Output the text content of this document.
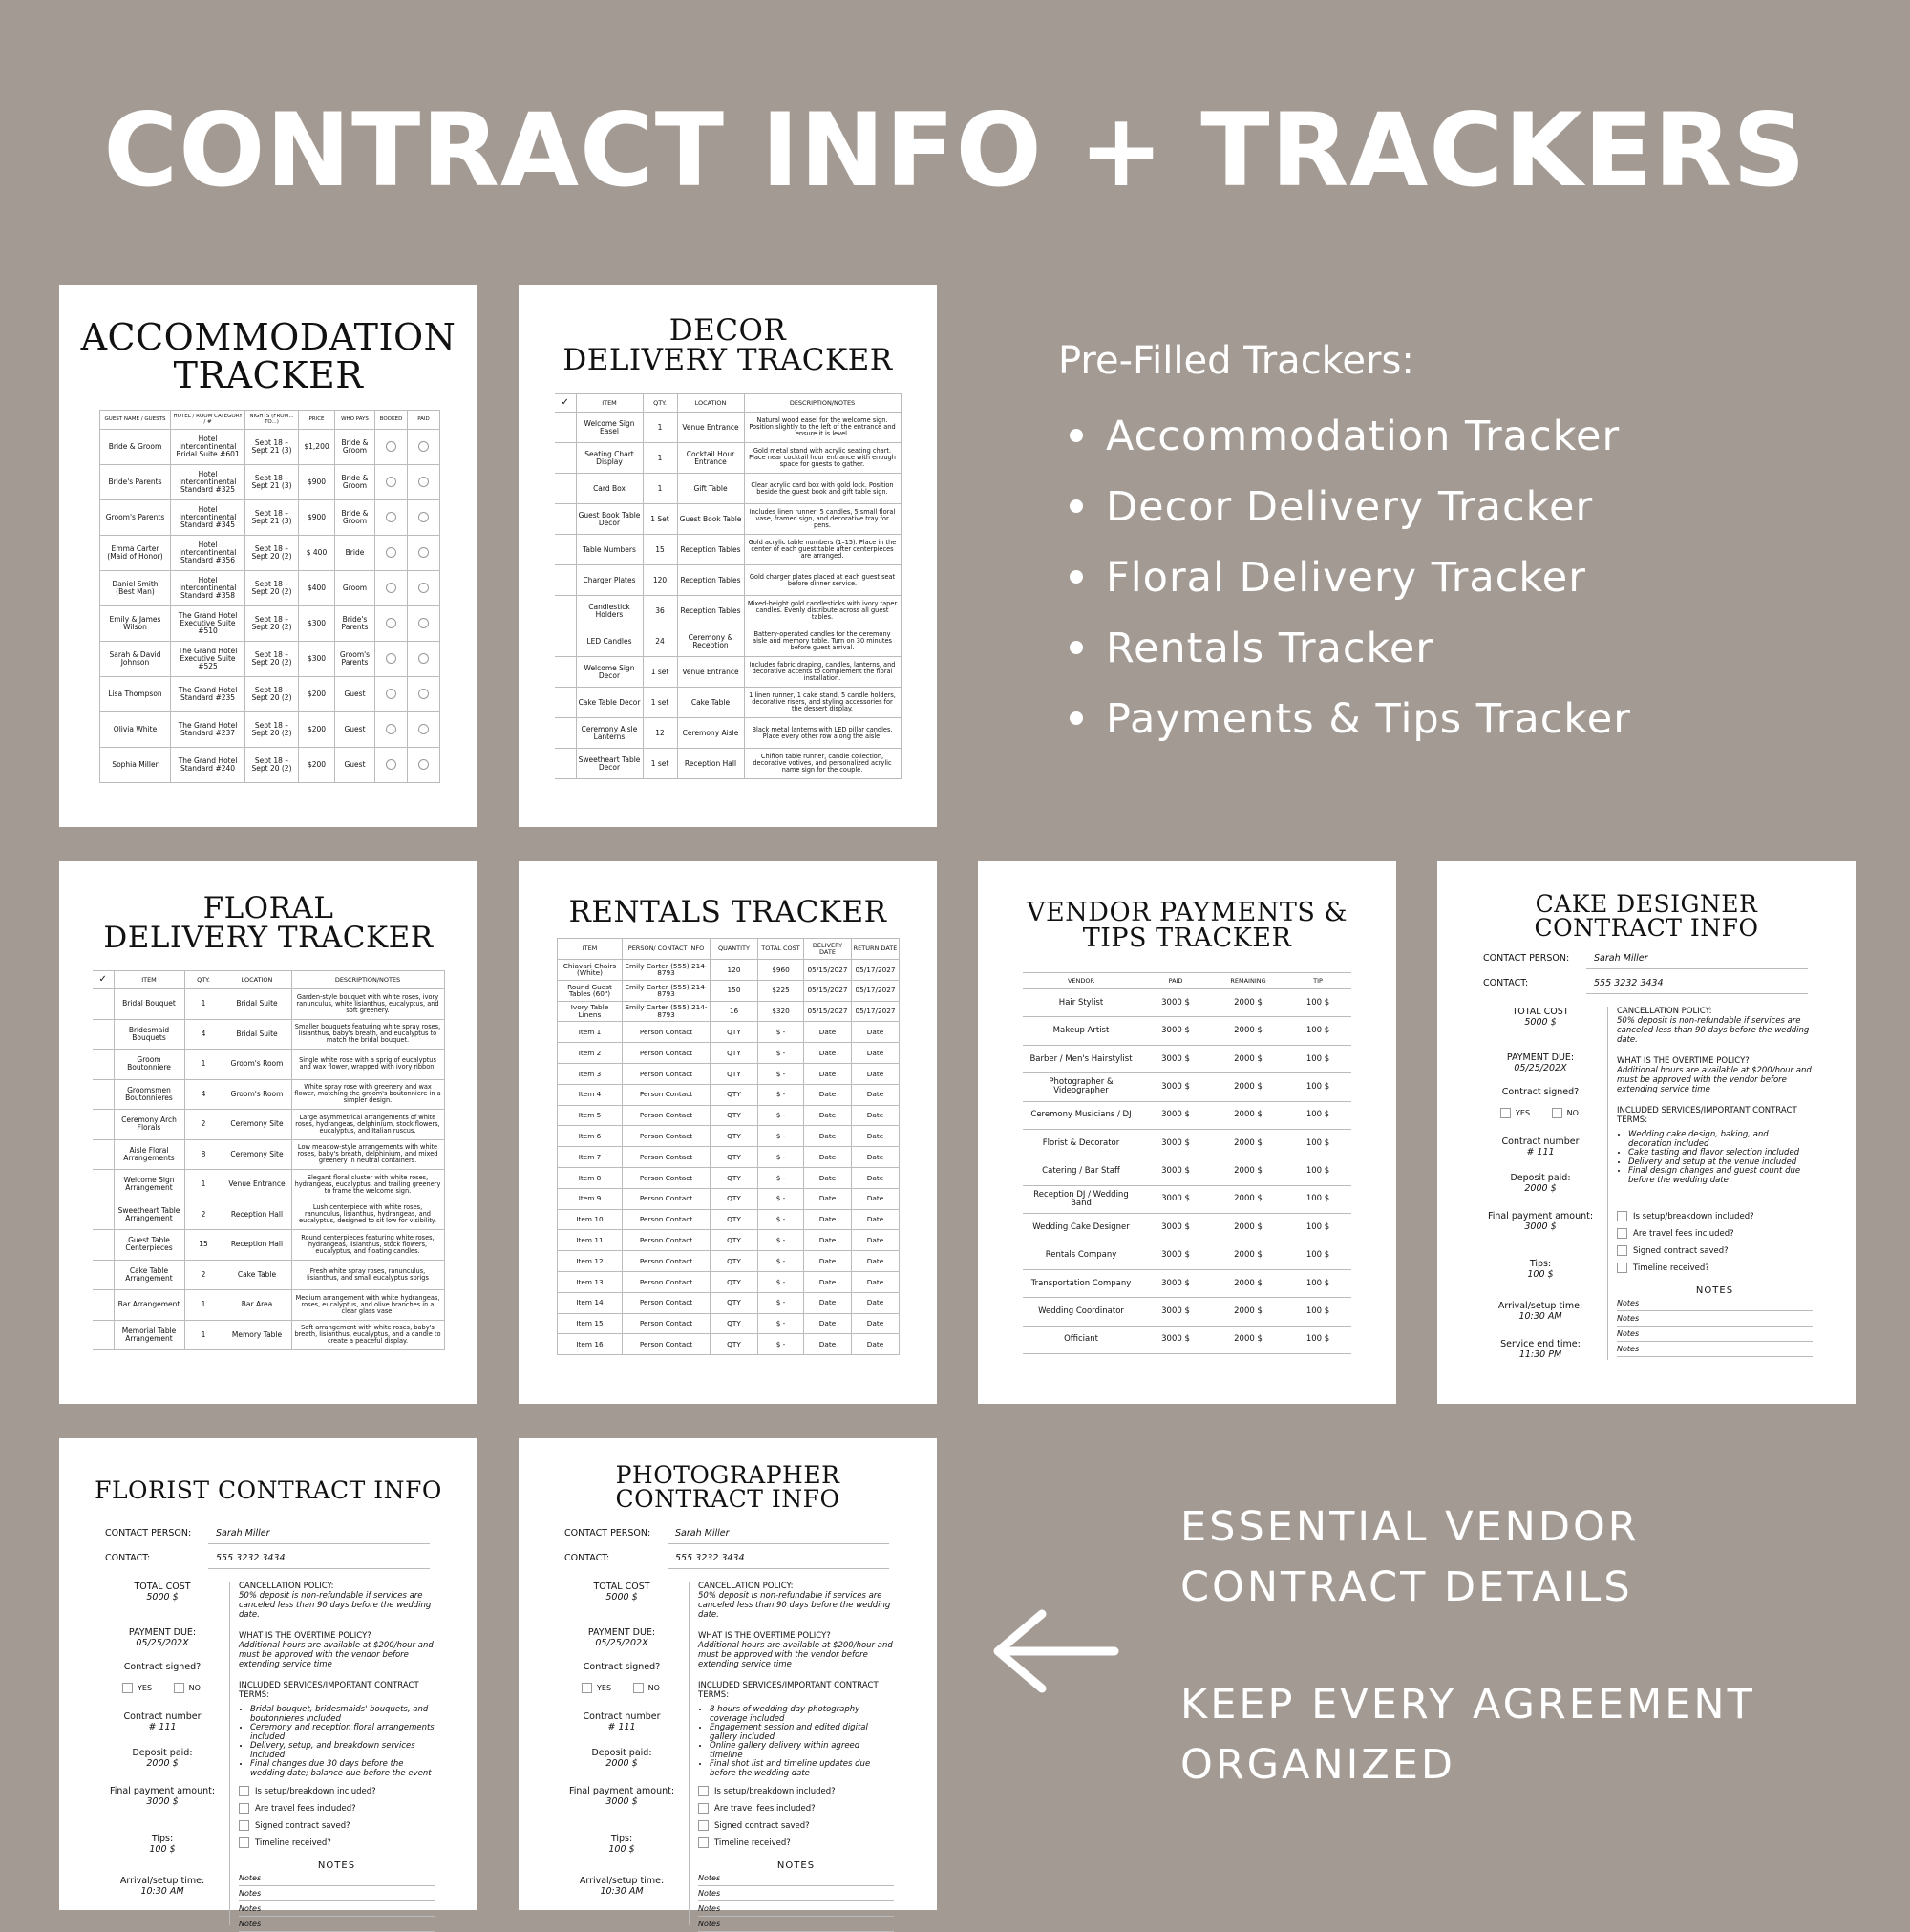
CONTRACT INFO + TRACKERS
ACCOMMODATION
TRACKER
GUEST NAME / GUESTS	HOTEL / ROOM CATEGORY / #	NIGHTS (FROM... TO...)	PRICE	WHO PAYS	BOOKED	PAID
Bride & Groom	Hotel Intercontinental Bridal Suite #601	Sept 18 – Sept 21 (3)	$1,200	Bride & Groom		
Bride's Parents	Hotel Intercontinental Standard #325	Sept 18 – Sept 21 (3)	$900	Bride & Groom		
Groom's Parents	Hotel Intercontinental Standard #345	Sept 18 – Sept 21 (3)	$900	Bride & Groom		
Emma Carter (Maid of Honor)	Hotel Intercontinental Standard #356	Sept 18 – Sept 20 (2)	$ 400	Bride		
Daniel Smith (Best Man)	Hotel Intercontinental Standard #358	Sept 18 – Sept 20 (2)	$400	Groom		
Emily & James Wilson	The Grand Hotel Executive Suite #510	Sept 18 – Sept 20 (2)	$300	Bride's Parents		
Sarah & David Johnson	The Grand Hotel Executive Suite #525	Sept 18 – Sept 20 (2)	$300	Groom's Parents		
Lisa Thompson	The Grand Hotel Standard #235	Sept 18 – Sept 20 (2)	$200	Guest		
Olivia White	The Grand Hotel Standard #237	Sept 18 – Sept 20 (2)	$200	Guest		
Sophia Miller	The Grand Hotel Standard #240	Sept 18 – Sept 20 (2)	$200	Guest		
DECOR
DELIVERY TRACKER
✓	ITEM	QTY.	LOCATION	DESCRIPTION/NOTES
	Welcome Sign Easel	1	Venue Entrance	Natural wood easel for the welcome sign. Position slightly to the left of the entrance and ensure it is level.
	Seating Chart Display	1	Cocktail Hour Entrance	Gold metal stand with acrylic seating chart. Place near cocktail hour entrance with enough space for guests to gather.
	Card Box	1	Gift Table	Clear acrylic card box with gold lock. Position beside the guest book and gift table sign.
	Guest Book Table Decor	1 Set	Guest Book Table	Includes linen runner, 5 candles, 5 small floral vase, framed sign, and decorative tray for pens.
	Table Numbers	15	Reception Tables	Gold acrylic table numbers (1–15). Place in the center of each guest table after centerpieces are arranged.
	Charger Plates	120	Reception Tables	Gold charger plates placed at each guest seat before dinner service.
	Candlestick Holders	36	Reception Tables	Mixed-height gold candlesticks with ivory taper candles. Evenly distribute across all guest tables.
	LED Candles	24	Ceremony & Reception	Battery-operated candles for the ceremony aisle and memory table. Turn on 30 minutes before guest arrival.
	Welcome Sign Decor	1 set	Venue Entrance	Includes fabric draping, candles, lanterns, and decorative accents to complement the floral installation.
	Cake Table Decor	1 set	Cake Table	1 linen runner, 1 cake stand, 5 candle holders, decorative risers, and styling accessories for the dessert display.
	Ceremony Aisle Lanterns	12	Ceremony Aisle	Black metal lanterns with LED pillar candles. Place every other row along the aisle.
	Sweetheart Table Decor	1 set	Reception Hall	Chiffon table runner, candle collection, decorative votives, and personalized acrylic name sign for the couple.
Pre-Filled Trackers:
Accommodation Tracker
Decor Delivery Tracker
Floral Delivery Tracker
Rentals Tracker
Payments & Tips Tracker
FLORAL
DELIVERY TRACKER
✓	ITEM	QTY.	LOCATION	DESCRIPTION/NOTES
	Bridal Bouquet	1	Bridal Suite	Garden-style bouquet with white roses, ivory ranunculus, white lisianthus, eucalyptus, and soft greenery.
	Bridesmaid Bouquets	4	Bridal Suite	Smaller bouquets featuring white spray roses, lisianthus, baby's breath, and eucalyptus to match the bridal bouquet.
	Groom Boutonniere	1	Groom's Room	Single white rose with a sprig of eucalyptus and wax flower, wrapped with ivory ribbon.
	Groomsmen Boutonnieres	4	Groom's Room	White spray rose with greenery and wax flower, matching the groom's boutonniere in a simpler design.
	Ceremony Arch Florals	2	Ceremony Site	Large asymmetrical arrangements of white roses, hydrangeas, delphinium, stock flowers, eucalyptus, and Italian ruscus.
	Aisle Floral Arrangements	8	Ceremony Site	Low meadow-style arrangements with white roses, baby's breath, delphinium, and mixed greenery in neutral containers.
	Welcome Sign Arrangement	1	Venue Entrance	Elegant floral cluster with white roses, hydrangeas, eucalyptus, and trailing greenery to frame the welcome sign.
	Sweetheart Table Arrangement	2	Reception Hall	Lush centerpiece with white roses, ranunculus, lisianthus, hydrangeas, and eucalyptus, designed to sit low for visibility.
	Guest Table Centerpieces	15	Reception Hall	Round centerpieces featuring white roses, hydrangeas, lisianthus, stock flowers, eucalyptus, and floating candles.
	Cake Table Arrangement	2	Cake Table	Fresh white spray roses, ranunculus, lisianthus, and small eucalyptus sprigs
	Bar Arrangement	1	Bar Area	Medium arrangement with white hydrangeas, roses, eucalyptus, and olive branches in a clear glass vase.
	Memorial Table Arrangement	1	Memory Table	Soft arrangement with white roses, baby's breath, lisianthus, eucalyptus, and a candle to create a peaceful display.
RENTALS TRACKER
ITEM	PERSON/ CONTACT INFO	QUANTITY	TOTAL COST	DELIVERY DATE	RETURN DATE
Chiavari Chairs (White)	Emily Carter (555) 214-8793	120	$960	05/15/2027	05/17/2027
Round Guest Tables (60")	Emily Carter (555) 214-8793	150	$225	05/15/2027	05/17/2027
Ivory Table Linens	Emily Carter (555) 214-8793	16	$320	05/15/2027	05/17/2027
Item 1	Person Contact	QTY	$ -	Date	Date
Item 2	Person Contact	QTY	$ -	Date	Date
Item 3	Person Contact	QTY	$ -	Date	Date
Item 4	Person Contact	QTY	$ -	Date	Date
Item 5	Person Contact	QTY	$ -	Date	Date
Item 6	Person Contact	QTY	$ -	Date	Date
Item 7	Person Contact	QTY	$ -	Date	Date
Item 8	Person Contact	QTY	$ -	Date	Date
Item 9	Person Contact	QTY	$ -	Date	Date
Item 10	Person Contact	QTY	$ -	Date	Date
Item 11	Person Contact	QTY	$ -	Date	Date
Item 12	Person Contact	QTY	$ -	Date	Date
Item 13	Person Contact	QTY	$ -	Date	Date
Item 14	Person Contact	QTY	$ -	Date	Date
Item 15	Person Contact	QTY	$ -	Date	Date
Item 16	Person Contact	QTY	$ -	Date	Date
VENDOR PAYMENTS &
TIPS TRACKER
VENDOR	PAID	REMAINING	TIP
Hair Stylist	3000 $	2000 $	100 $
Makeup Artist	3000 $	2000 $	100 $
Barber / Men's Hairstylist	3000 $	2000 $	100 $
Photographer & Videographer	3000 $	2000 $	100 $
Ceremony Musicians / DJ	3000 $	2000 $	100 $
Florist & Decorator	3000 $	2000 $	100 $
Catering / Bar Staff	3000 $	2000 $	100 $
Reception DJ / Wedding Band	3000 $	2000 $	100 $
Wedding Cake Designer	3000 $	2000 $	100 $
Rentals Company	3000 $	2000 $	100 $
Transportation Company	3000 $	2000 $	100 $
Wedding Coordinator	3000 $	2000 $	100 $
Officiant	3000 $	2000 $	100 $
CAKE DESIGNER
CONTRACT INFO
CONTACT PERSON:	Sarah Miller
CONTACT:	555 3232 3434
TOTAL COST
5000 $
PAYMENT DUE:
05/25/202X
Contract signed?
YES	NO
Contract number
# 111
Deposit paid:
2000 $
Final payment amount:
3000 $
Tips:
100 $
Arrival/setup time:
10:30 AM
Service end time:
11:30 PM
CANCELLATION POLICY:
50% deposit is non-refundable if services are canceled less than 90 days before the wedding date.
WHAT IS THE OVERTIME POLICY?
Additional hours are available at $200/hour and must be approved with the vendor before extending service time
INCLUDED SERVICES/IMPORTANT CONTRACT TERMS:
• Wedding cake design, baking, and decoration included
• Cake tasting and flavor selection included
• Delivery and setup at the venue included
• Final design changes and guest count due before the wedding date
Is setup/breakdown included?
Are travel fees included?
Signed contract saved?
Timeline received?
NOTES
Notes
Notes
Notes
Notes
FLORIST CONTRACT INFO
CONTACT PERSON:	Sarah Miller
CONTACT:	555 3232 3434
TOTAL COST
5000 $
PAYMENT DUE:
05/25/202X
Contract signed?
YES	NO
Contract number
# 111
Deposit paid:
2000 $
Final payment amount:
3000 $
Tips:
100 $
Arrival/setup time:
10:30 AM
CANCELLATION POLICY:
50% deposit is non-refundable if services are canceled less than 90 days before the wedding date.
WHAT IS THE OVERTIME POLICY?
Additional hours are available at $200/hour and must be approved with the vendor before extending service time
INCLUDED SERVICES/IMPORTANT CONTRACT TERMS:
• Bridal bouquet, bridesmaids' bouquets, and boutonnieres included
• Ceremony and reception floral arrangements included
• Delivery, setup, and breakdown services included
• Final changes due 30 days before the wedding date; balance due before the event
Is setup/breakdown included?
Are travel fees included?
Signed contract saved?
Timeline received?
NOTES
Notes
Notes
Notes
Notes
PHOTOGRAPHER
CONTRACT INFO
CONTACT PERSON:	Sarah Miller
CONTACT:	555 3232 3434
TOTAL COST
5000 $
PAYMENT DUE:
05/25/202X
Contract signed?
YES	NO
Contract number
# 111
Deposit paid:
2000 $
Final payment amount:
3000 $
Tips:
100 $
Arrival/setup time:
10:30 AM
CANCELLATION POLICY:
50% deposit is non-refundable if services are canceled less than 90 days before the wedding date.
WHAT IS THE OVERTIME POLICY?
Additional hours are available at $200/hour and must be approved with the vendor before extending service time
INCLUDED SERVICES/IMPORTANT CONTRACT TERMS:
• 8 hours of wedding day photography coverage included
• Engagement session and edited digital gallery included
• Online gallery delivery within agreed timeline
• Final shot list and timeline updates due before the wedding date
Is setup/breakdown included?
Are travel fees included?
Signed contract saved?
Timeline received?
NOTES
Notes
Notes
Notes
Notes
ESSENTIAL VENDOR
CONTRACT DETAILS
KEEP EVERY AGREEMENT
ORGANIZED
